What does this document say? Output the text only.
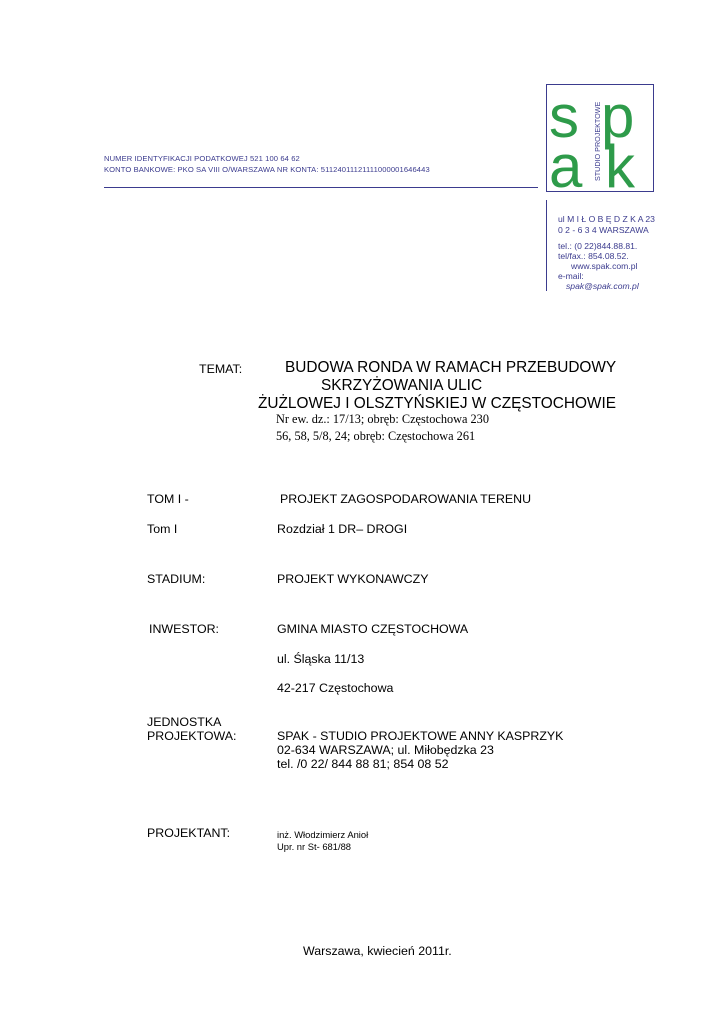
NUMER IDENTYFIKACJI PODATKOWEJ 521 100 64 62
KONTO BANKOWE: PKO SA VIII O/WARSZAWA NR KONTA: 51124011121111000001646443
s p
a k
STUDIO PROJEKTOWE
ul M I Ł O B Ę D Z K A 23
0 2 - 6 3 4 WARSZAWA
tel.: (0 22)844.88.81.
tel/fax.: 854.08.52.
www.spak.com.pl
e-mail:
spak@spak.com.pl
TEMAT:	BUDOWA RONDA W RAMACH PRZEBUDOWY
SKRZYŻOWANIA ULIC
ŻUŻLOWEJ I OLSZTYŃSKIEJ W CZĘSTOCHOWIE
Nr ew. dz.: 17/13; obręb: Częstochowa 230
56, 58, 5/8, 24; obręb: Częstochowa 261
TOM I -	PROJEKT ZAGOSPODAROWANIA TERENU
Tom I	Rozdział 1 DR– DROGI
STADIUM:	PROJEKT WYKONAWCZY
INWESTOR:	GMINA MIASTO CZĘSTOCHOWA
ul. Śląska 11/13
42-217 Częstochowa
JEDNOSTKA
PROJEKTOWA:	SPAK - STUDIO PROJEKTOWE ANNY KASPRZYK
02-634 WARSZAWA; ul. Miłobędzka 23
tel. /0 22/ 844 88 81; 854 08 52
PROJEKTANT:	inż. Włodzimierz Anioł
Upr. nr St- 681/88
Warszawa, kwiecień 2011r.
